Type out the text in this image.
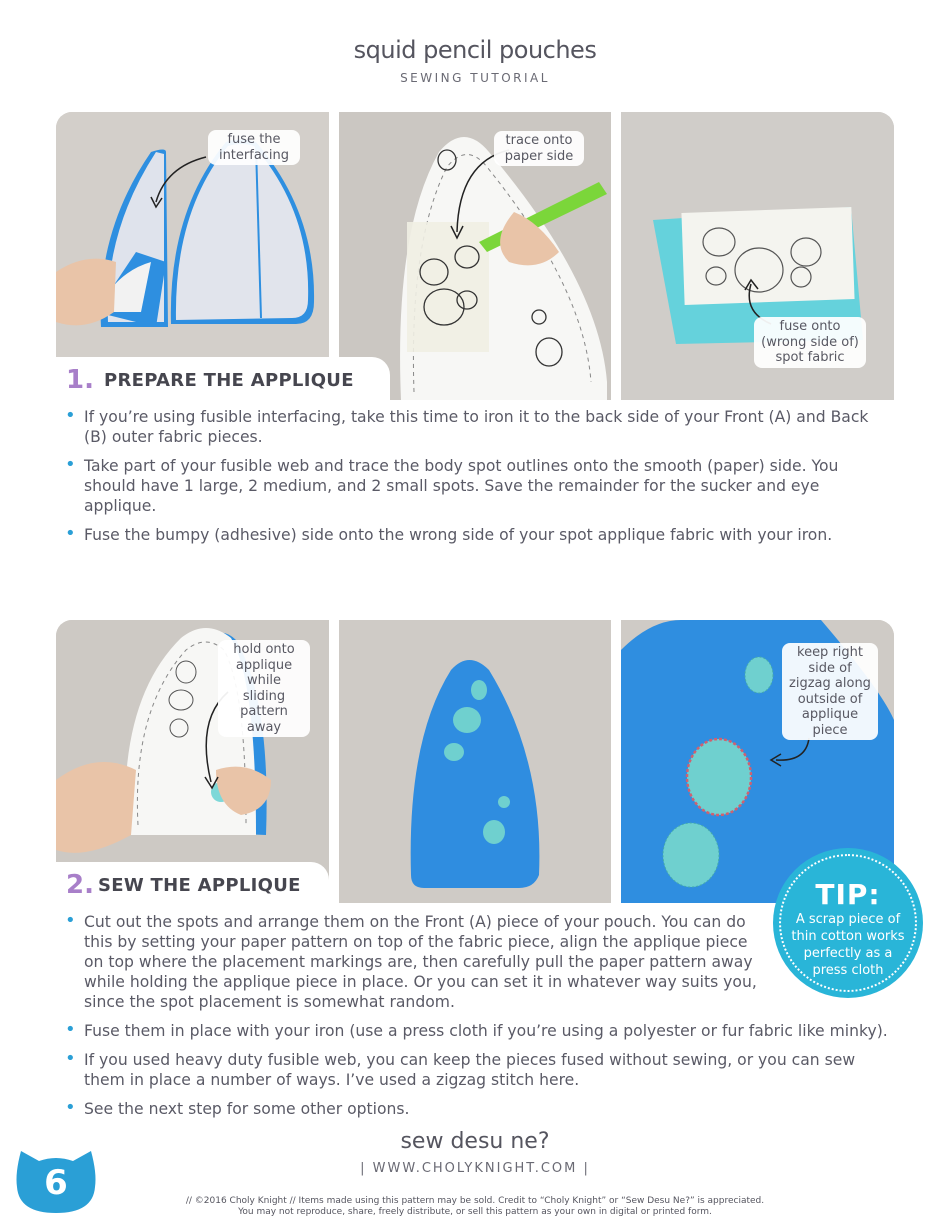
squid pencil pouches
SEWING TUTORIAL
fuse the interfacing
trace onto paper side
fuse onto (wrong side of) spot fabric
1. PREPARE THE APPLIQUE
• If you’re using fusible interfacing, take this time to iron it to the back side of your Front (A) and Back (B) outer fabric pieces.
• Take part of your fusible web and trace the body spot outlines onto the smooth (paper) side. You should have 1 large, 2 medium, and 2 small spots. Save the remainder for the sucker and eye applique.
• Fuse the bumpy (adhesive) side onto the wrong side of your spot applique fabric with your iron.
hold onto applique while sliding pattern away
keep right side of zigzag along outside of applique piece
2. SEW THE APPLIQUE
• Cut out the spots and arrange them on the Front (A) piece of your pouch. You can do this by setting your paper pattern on top of the fabric piece, align the applique piece on top where the placement markings are, then carefully pull the paper pattern away while holding the applique piece in place. Or you can set it in whatever way suits you, since the spot placement is somewhat random.
• Fuse them in place with your iron (use a press cloth if you’re using a polyester or fur fabric like minky).
• If you used heavy duty fusible web, you can keep the pieces fused without sewing, or you can sew them in place a number of ways. I’ve used a zigzag stitch here.
• See the next step for some other options.
TIP:
A scrap piece of thin cotton works perfectly as a press cloth
6
sew desu ne?
| WWW.CHOLYKNIGHT.COM |
// ©2016 Choly Knight // Items made using this pattern may be sold. Credit to “Choly Knight” or “Sew Desu Ne?” is appreciated.
You may not reproduce, share, freely distribute, or sell this pattern as your own in digital or printed form.
